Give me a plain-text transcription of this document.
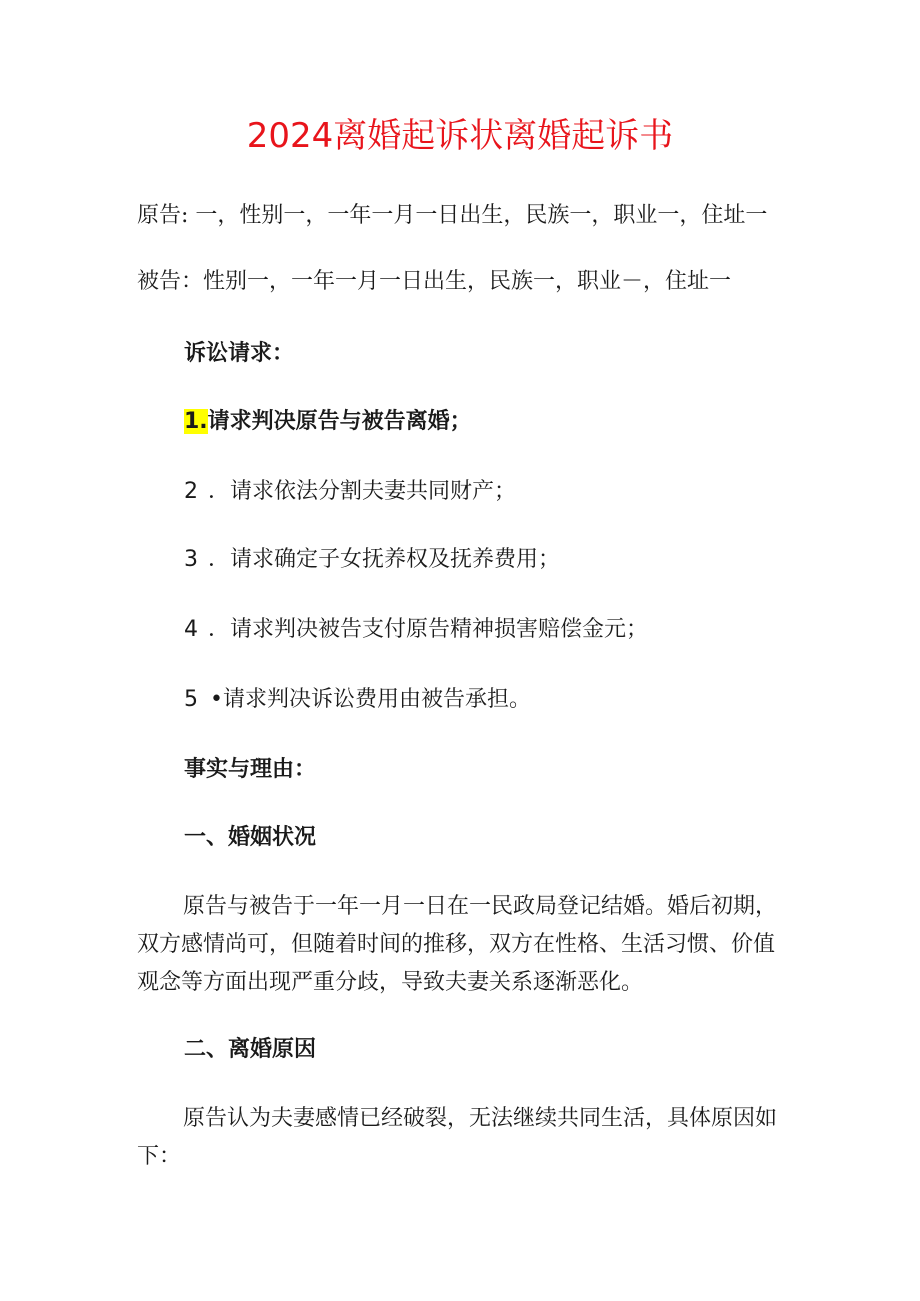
2024离婚起诉状离婚起诉书
原告: 一，性别一，一年一月一日出生，民族一，职业一，住址一
被告：性别一，一年一月一日出生，民族一，职业－，住址一
诉讼请求：
1.请求判决原告与被告离婚；
2 ．请求依法分割夫妻共同财产；
3 ．请求确定子女抚养权及抚养费用；
4 ．请求判决被告支付原告精神损害赔偿金元；
5 •请求判决诉讼费用由被告承担。
事实与理由：
一、婚姻状况
原告与被告于一年一月一日在一民政局登记结婚。婚后初期，双方感情尚可，但随着时间的推移，双方在性格、生活习惯、价值观念等方面出现严重分歧，导致夫妻关系逐渐恶化。
二、离婚原因
原告认为夫妻感情已经破裂，无法继续共同生活，具体原因如下：
